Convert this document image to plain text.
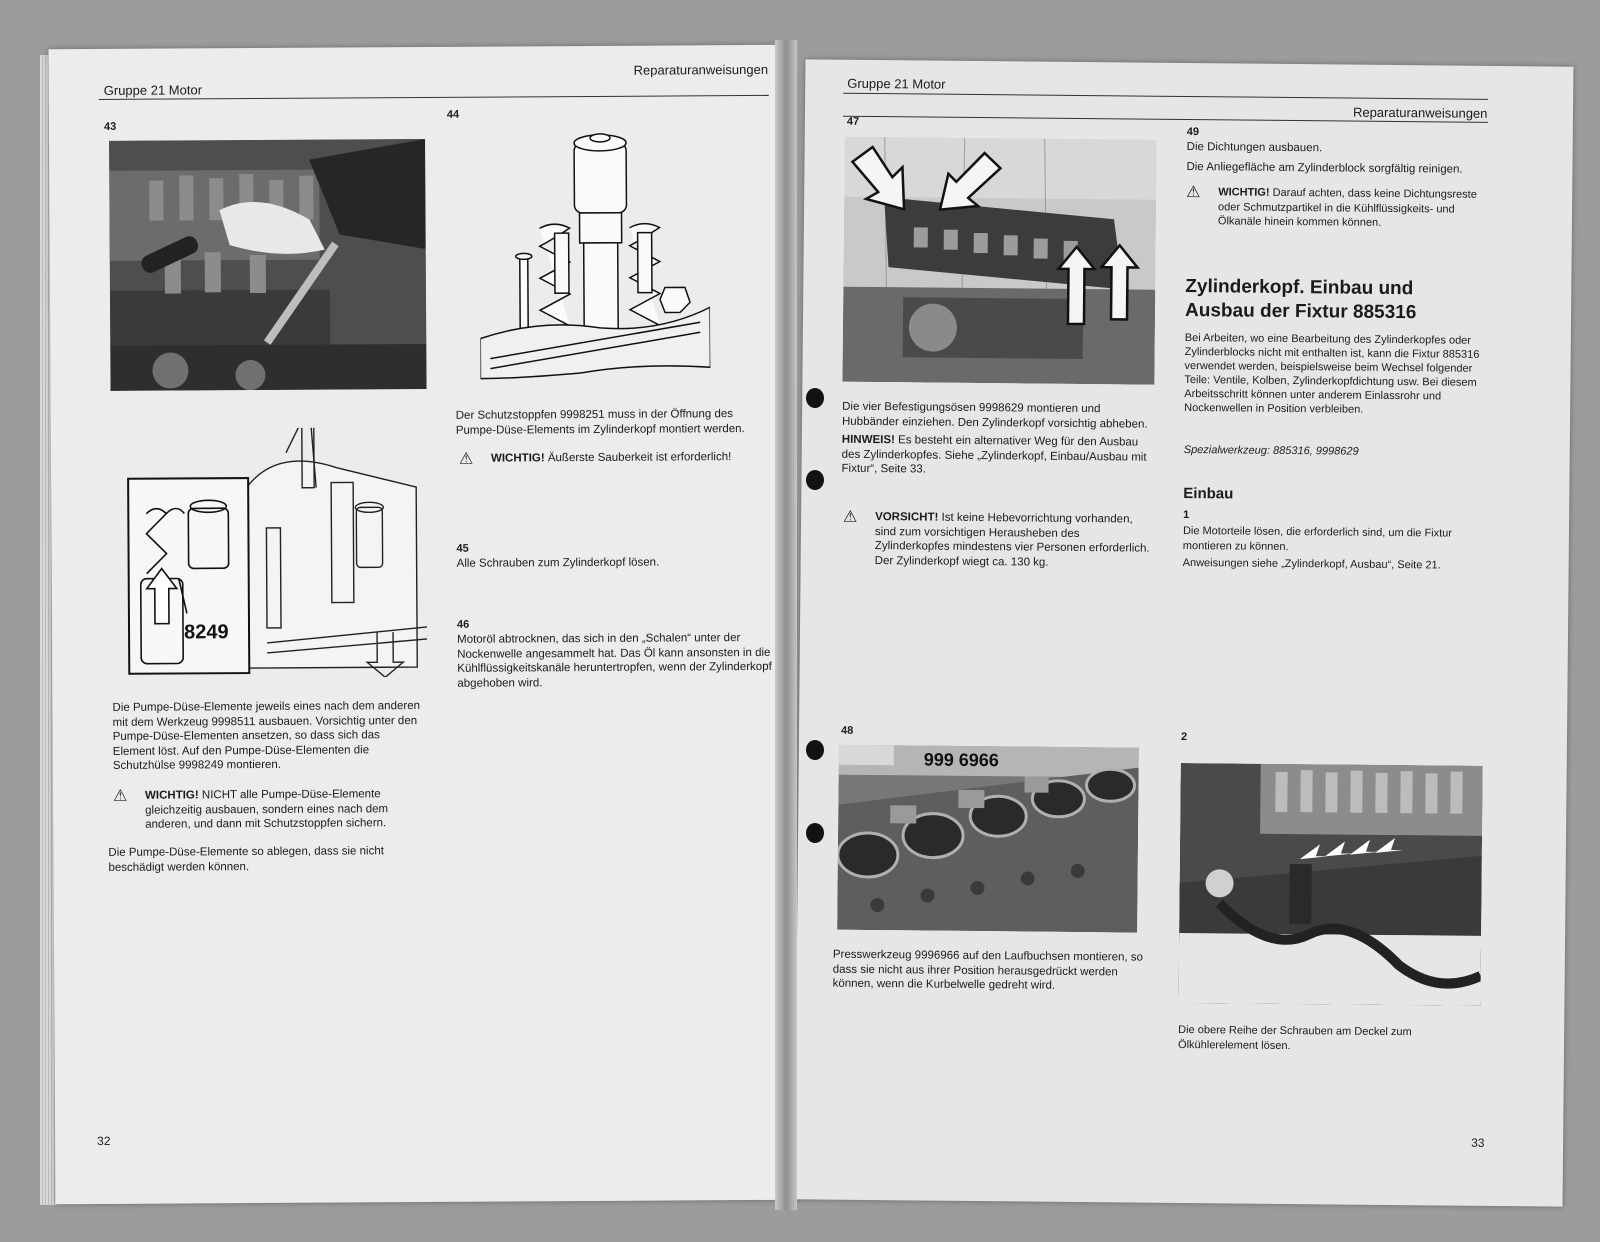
Gruppe 21 Motor
Reparaturanweisungen
43
8249
Die Pumpe-Düse-Elemente jeweils eines nach dem anderen mit dem Werkzeug 9998511 ausbauen. Vorsichtig unter den Pumpe-Düse-Elementen ansetzen, so dass sich das Element löst. Auf den Pumpe-Düse-Elementen die Schutzhülse 9998249 montieren.
⚠ WICHTIG! NICHT alle Pumpe-Düse-Elemente gleichzeitig ausbauen, sondern eines nach dem anderen, und dann mit Schutzstoppfen sichern.
Die Pumpe-Düse-Elemente so ablegen, dass sie nicht beschädigt werden können.
44
Der Schutzstoppfen 9998251 muss in der Öffnung des Pumpe-Düse-Elements im Zylinderkopf montiert werden.
⚠ WICHTIG! Äußerste Sauberkeit ist erforderlich!
45
Alle Schrauben zum Zylinderkopf lösen.
46
Motoröl abtrocknen, das sich in den „Schalen“ unter der Nockenwelle angesammelt hat. Das Öl kann ansonsten in die Kühlflüssigkeitskanäle heruntertropfen, wenn der Zylinderkopf abgehoben wird.
32
Gruppe 21 Motor
Reparaturanweisungen
47
Die vier Befestigungsösen 9998629 montieren und Hubbänder einziehen. Den Zylinderkopf vorsichtig abheben.
HINWEIS! Es besteht ein alternativer Weg für den Ausbau des Zylinderkopfes. Siehe „Zylinderkopf, Einbau/Ausbau mit Fixtur“, Seite 33.
⚠ VORSICHT! Ist keine Hebevorrichtung vorhanden, sind zum vorsichtigen Herausheben des Zylinderkopfes mindestens vier Personen erforderlich. Der Zylinderkopf wiegt ca. 130 kg.
48
999 6966
Presswerkzeug 9996966 auf den Laufbuchsen montieren, so dass sie nicht aus ihrer Position herausgedrückt werden können, wenn die Kurbelwelle gedreht wird.
49
Die Dichtungen ausbauen.
Die Anliegefläche am Zylinderblock sorgfältig reinigen.
⚠ WICHTIG! Darauf achten, dass keine Dichtungsreste oder Schmutzpartikel in die Kühlflüssigkeits- und Ölkanäle hinein kommen können.
Zylinderkopf. Einbau und Ausbau der Fixtur 885316
Bei Arbeiten, wo eine Bearbeitung des Zylinderkopfes oder Zylinderblocks nicht mit enthalten ist, kann die Fixtur 885316 verwendet werden, beispielsweise beim Wechsel folgender Teile: Ventile, Kolben, Zylinderkopfdichtung usw. Bei diesem Arbeitsschritt können unter anderem Einlassrohr und Nockenwellen in Position verbleiben.
Spezialwerkzeug: 885316, 9998629
Einbau
1
Die Motorteile lösen, die erforderlich sind, um die Fixtur montieren zu können.
Anweisungen siehe „Zylinderkopf, Ausbau“, Seite 21.
2
Die obere Reihe der Schrauben am Deckel zum Ölkühlerelement lösen.
33
